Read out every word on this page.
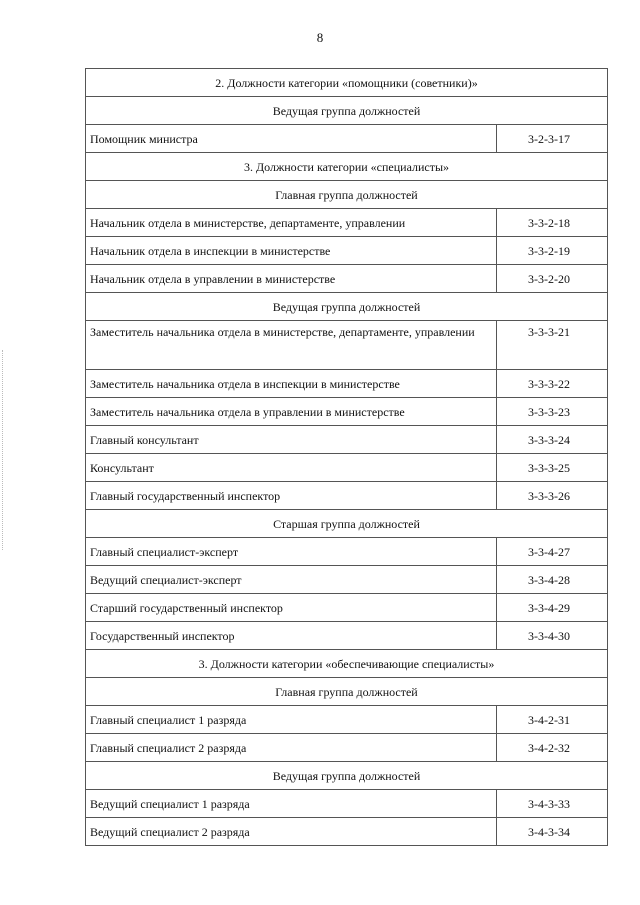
8
2. Должности категории «помощники (советники)»	
Ведущая группа должностей	
Помощник министра	3-2-3-17
3. Должности категории «специалисты»	
Главная группа должностей	
Начальник отдела в министерстве, департаменте, управлении	3-3-2-18
Начальник отдела в инспекции в министерстве	3-3-2-19
Начальник отдела в управлении в министерстве	3-3-2-20
Ведущая группа должностей	
Заместитель начальника отдела в министерстве, департаменте, управлении	3-3-3-21
Заместитель начальника отдела в инспекции в министерстве	3-3-3-22
Заместитель начальника отдела в управлении в министерстве	3-3-3-23
Главный консультант	3-3-3-24
Консультант	3-3-3-25
Главный государственный инспектор	3-3-3-26
Старшая группа должностей	
Главный специалист-эксперт	3-3-4-27
Ведущий специалист-эксперт	3-3-4-28
Старший государственный инспектор	3-3-4-29
Государственный инспектор	3-3-4-30
3. Должности категории «обеспечивающие специалисты»	
Главная группа должностей	
Главный специалист 1 разряда	3-4-2-31
Главный специалист 2 разряда	3-4-2-32
Ведущая группа должностей	
Ведущий специалист 1 разряда	3-4-3-33
Ведущий специалист 2 разряда	3-4-3-34
